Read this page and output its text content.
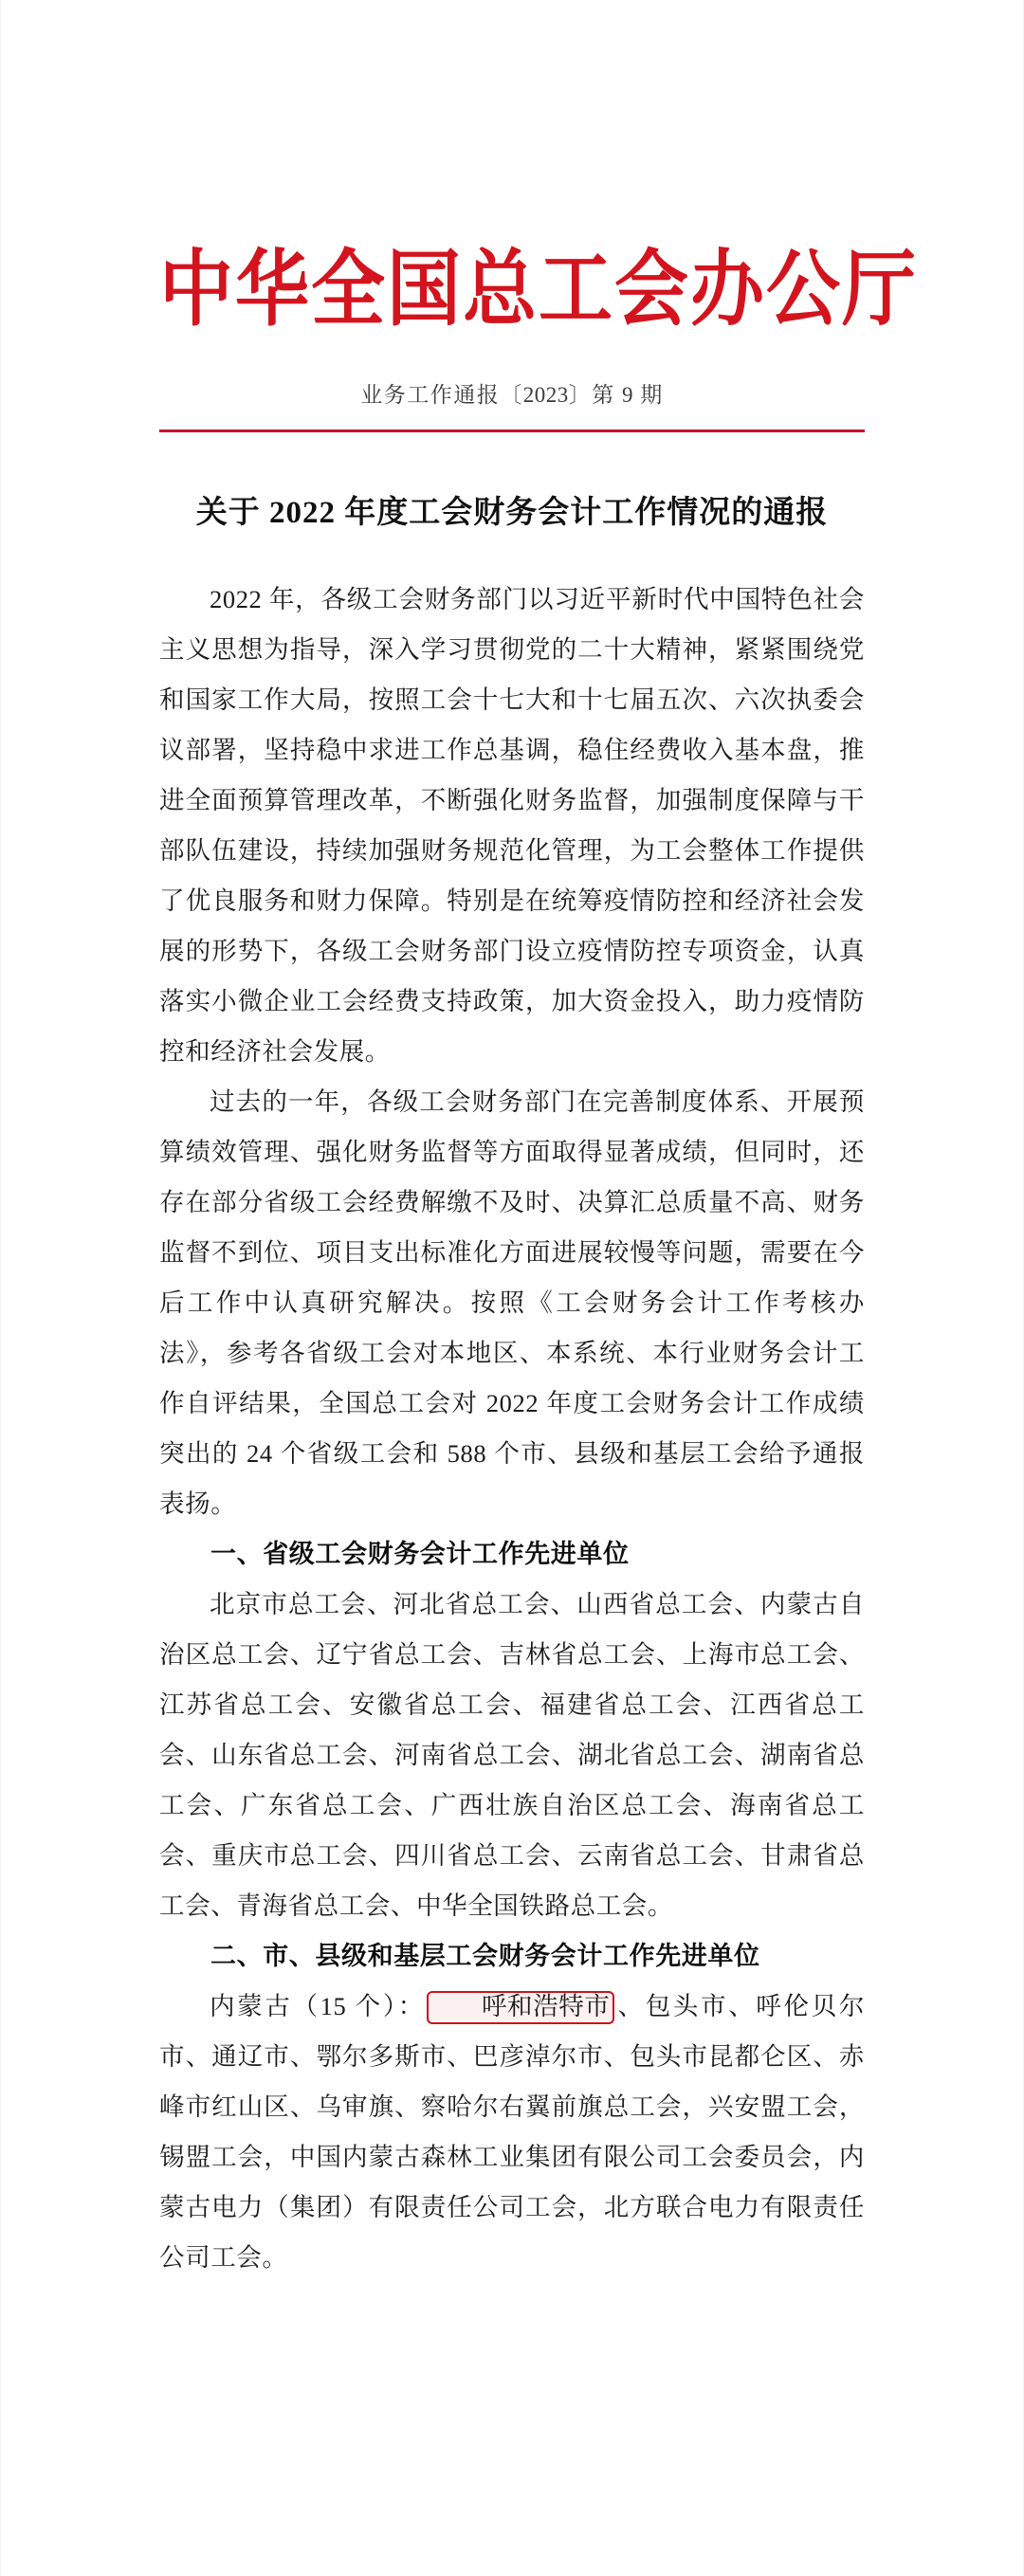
中华全国总工会办公厅
业务工作通报〔2023〕第 9 期
关于 2022 年度工会财务会计工作情况的通报

2022 年，各级工会财务部门以习近平新时代中国特色社会主义思想为指导，深入学习贯彻党的二十大精神，紧紧围绕党和国家工作大局，按照工会十七大和十七届五次、六次执委会议部署，坚持稳中求进工作总基调，稳住经费收入基本盘，推进全面预算管理改革，不断强化财务监督，加强制度保障与干部队伍建设，持续加强财务规范化管理，为工会整体工作提供了优良服务和财力保障。特别是在统筹疫情防控和经济社会发展的形势下，各级工会财务部门设立疫情防控专项资金，认真落实小微企业工会经费支持政策，加大资金投入，助力疫情防控和经济社会发展。

过去的一年，各级工会财务部门在完善制度体系、开展预算绩效管理、强化财务监督等方面取得显著成绩，但同时，还存在部分省级工会经费解缴不及时、决算汇总质量不高、财务监督不到位、项目支出标准化方面进展较慢等问题，需要在今后工作中认真研究解决。按照《工会财务会计工作考核办法》，参考各省级工会对本地区、本系统、本行业财务会计工作自评结果，全国总工会对 2022 年度工会财务会计工作成绩突出的 24 个省级工会和 588 个市、县级和基层工会给予通报表扬。

一、省级工会财务会计工作先进单位

北京市总工会、河北省总工会、山西省总工会、内蒙古自治区总工会、辽宁省总工会、吉林省总工会、上海市总工会、江苏省总工会、安徽省总工会、福建省总工会、江西省总工会、山东省总工会、河南省总工会、湖北省总工会、湖南省总工会、广东省总工会、广西壮族自治区总工会、海南省总工会、重庆市总工会、四川省总工会、云南省总工会、甘肃省总工会、青海省总工会、中华全国铁路总工会。

二、市、县级和基层工会财务会计工作先进单位

内蒙古（15 个）： 呼和浩特市 、包头市、呼伦贝尔市、通辽市、鄂尔多斯市、巴彦淖尔市、包头市昆都仑区、赤峰市红山区、乌审旗、察哈尔右翼前旗总工会，兴安盟工会，锡盟工会，中国内蒙古森林工业集团有限公司工会委员会，内蒙古电力（集团）有限责任公司工会，北方联合电力有限责任公司工会。
